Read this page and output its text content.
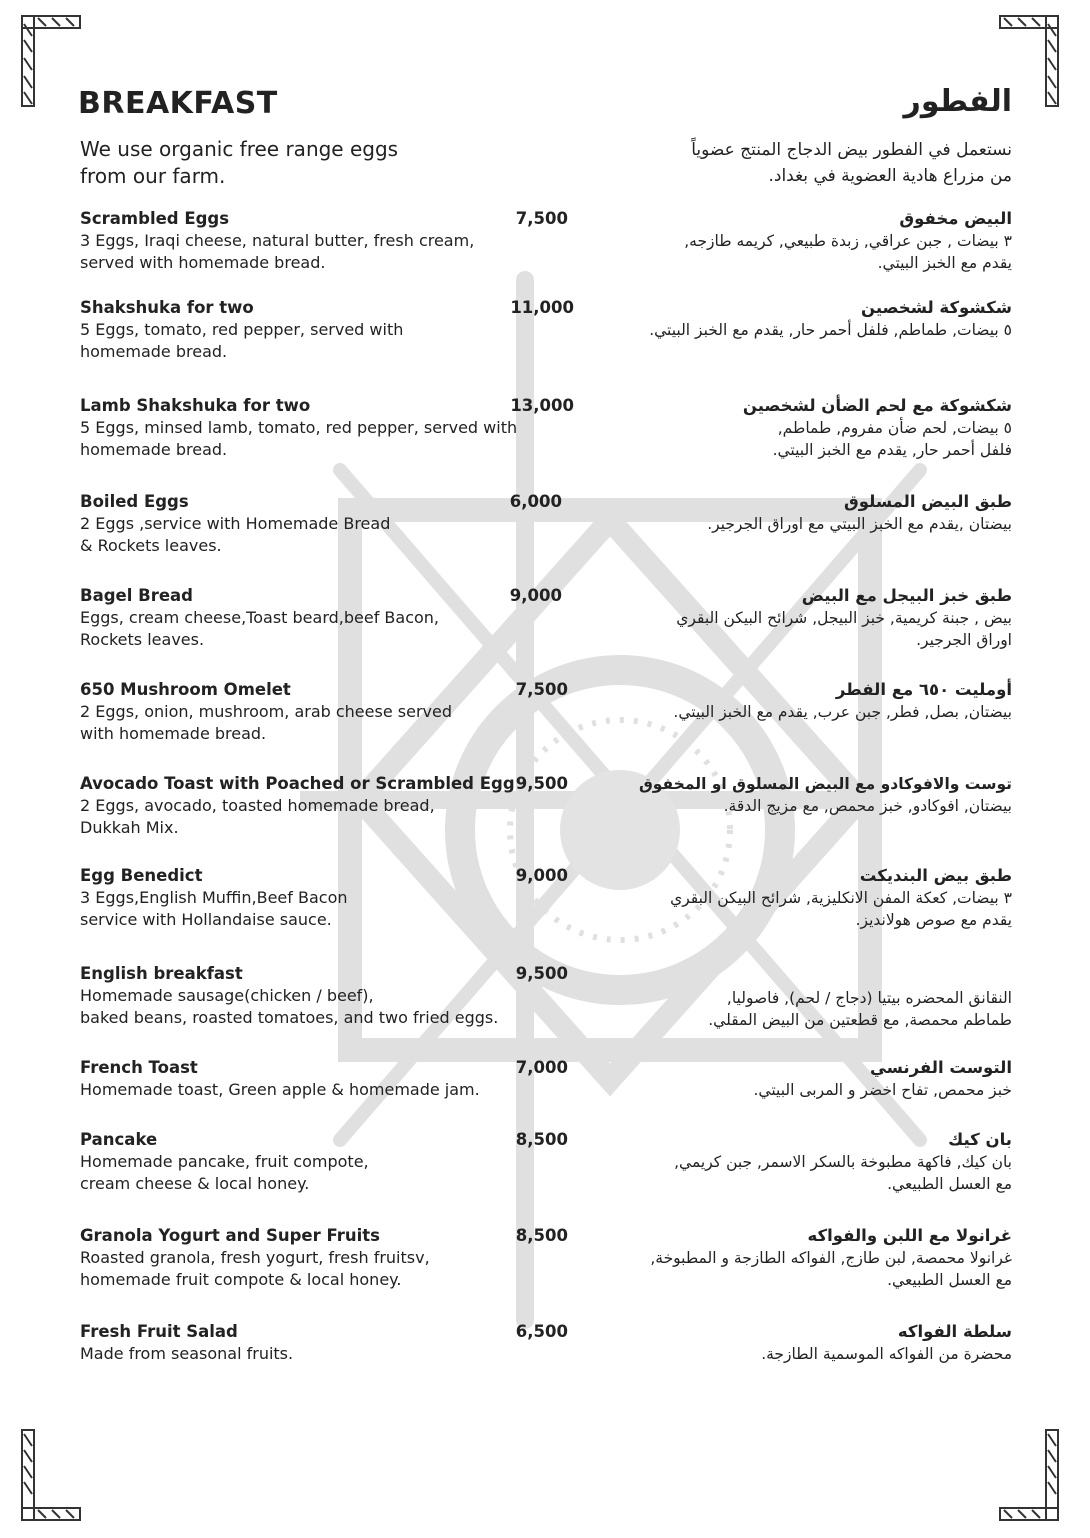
BREAKFAST	الفطور
We use organic free range eggs
from our farm.
نستعمل في الفطور بيض الدجاج المنتج عضوياً
من مزراع هادية العضوية في بغداد.
Scrambled Eggs
3 Eggs, Iraqi cheese, natural butter, fresh cream,
served with homemade bread.
7,500	البيض مخفوق
٣ بيضات , جبن عراقي, زبدة طبيعي, كريمه طازجه,
يقدم مع الخبز البيتي.
Shakshuka for two
5 Eggs, tomato, red pepper, served with
homemade bread.
11,000	شكشوكة لشخصين
٥ بيضات, طماطم, فلفل أحمر حار, يقدم مع الخبز البيتي.
Lamb Shakshuka for two
5 Eggs, minsed lamb, tomato, red pepper, served with
homemade bread.
13,000	شكشوكة مع لحم الضأن لشخصين
٥ بيضات, لحم ضأن مفروم, طماطم,
فلفل أحمر حار, يقدم مع الخبز البيتي.
Boiled Eggs
2 Eggs ,service with Homemade Bread
& Rockets leaves.
6,000	طبق البيض المسلوق
بيضتان ,يقدم مع الخبز البيتي مع اوراق الجرجير.
Bagel Bread
Eggs, cream cheese,Toast beard,beef Bacon,
Rockets leaves.
9,000	طبق خبز البيجل مع البيض
بيض , جبنة كريمية, خبز البيجل, شرائح البيكن البقري
اوراق الجرجير.
650 Mushroom Omelet
2 Eggs, onion, mushroom, arab cheese served
with homemade bread.
7,500	أومليت ٦٥٠ مع الفطر
بيضتان, بصل, فطر, جبن عرب, يقدم مع الخبز البيتي.
Avocado Toast with Poached or Scrambled Egg
2 Eggs, avocado, toasted homemade bread,
Dukkah Mix.
9,500	توست والافوكادو مع البيض المسلوق او المخفوق
بيضتان, افوكادو, خبز محمص, مع مزيج الدقة.
Egg Benedict
3 Eggs,English Muffin,Beef Bacon
service with Hollandaise sauce.
9,000	طبق بيض البنديكت
٣ بيضات, كعكة المفن الانكليزية, شرائح البيكن البقري
يقدم مع صوص هولانديز.
English breakfast
Homemade sausage(chicken / beef),
baked beans, roasted tomatoes, and two fried eggs.
9,500
النقانق المحضره بيتيا (دجاج / لحم), فاصوليا,
طماطم محمصة, مع قطعتين من البيض المقلي.
French Toast
Homemade toast, Green apple & homemade jam.
7,000	التوست الفرنسي
خبز محمص, تفاح اخضر و المربى البيتي.
Pancake
Homemade pancake, fruit compote,
cream cheese & local honey.
8,500	بان كيك
بان كيك, فاكهة مطبوخة بالسكر الاسمر, جبن كريمي,
مع العسل الطبيعي.
Granola Yogurt and Super Fruits
Roasted granola, fresh yogurt, fresh fruitsv,
homemade fruit compote & local honey.
8,500	غرانولا مع اللبن والفواكه
غرانولا محمصة, لبن طازج, الفواكه الطازجة و المطبوخة,
مع العسل الطبيعي.
Fresh Fruit Salad
Made from seasonal fruits.
6,500	سلطة الفواكه
محضرة من الفواكه الموسمية الطازجة.
